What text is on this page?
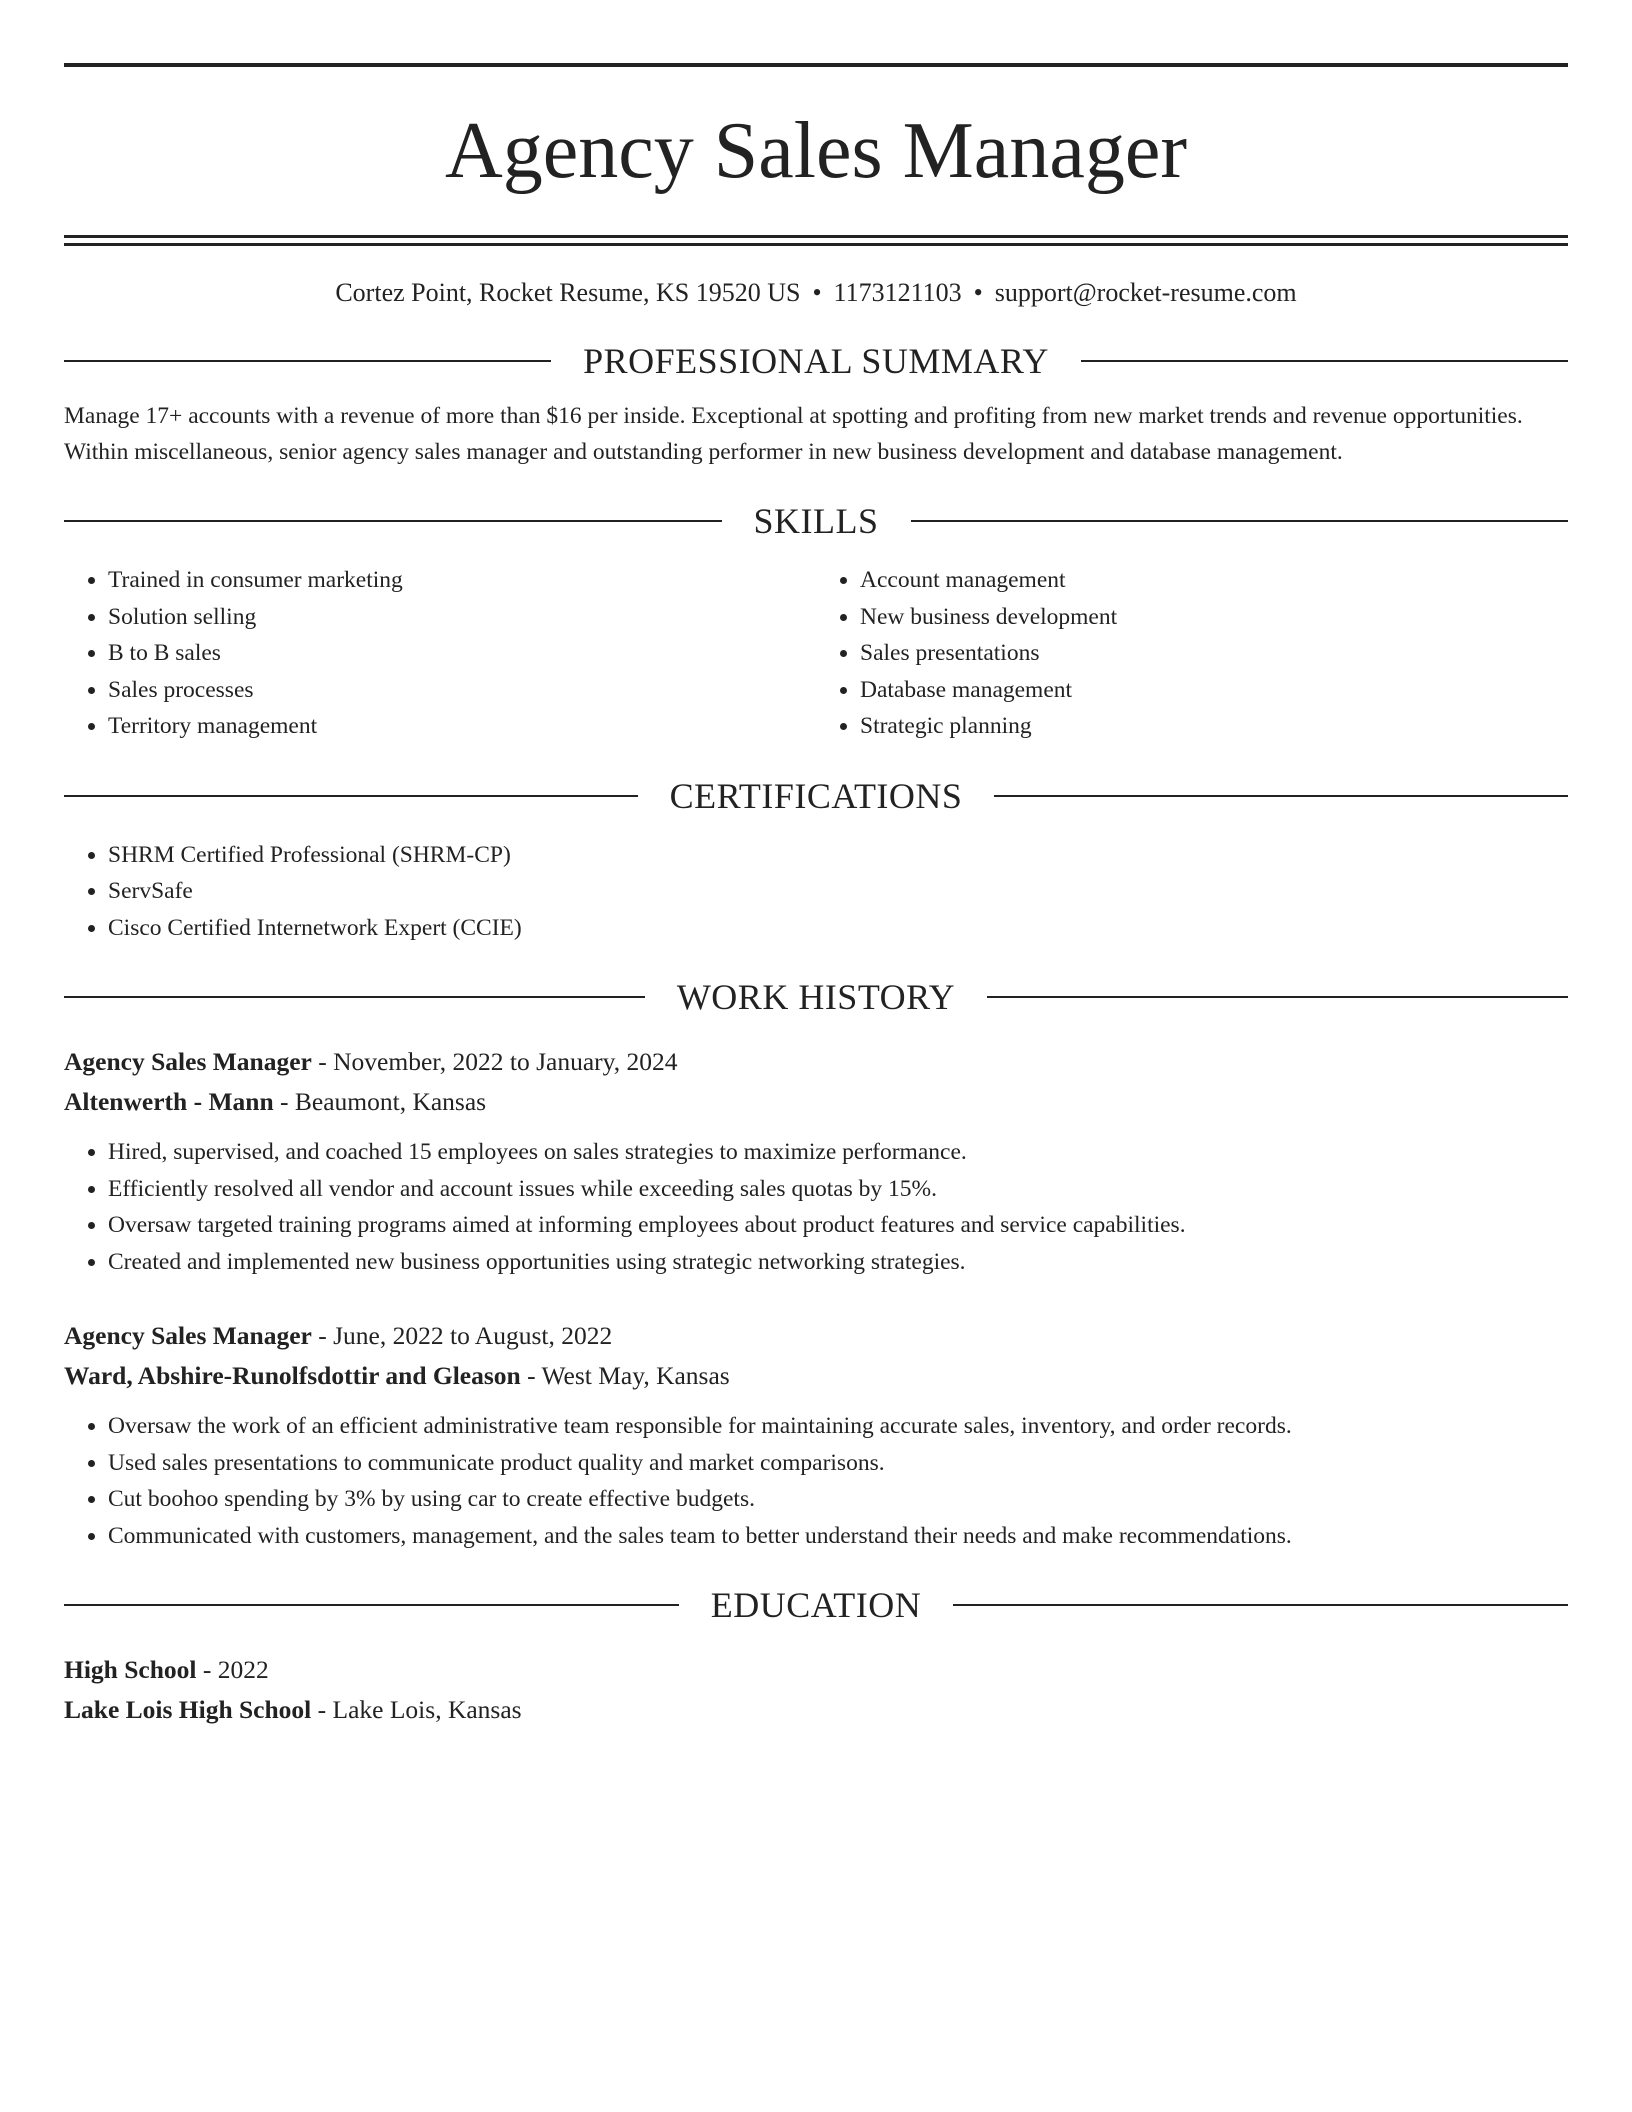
Agency Sales Manager
Cortez Point, Rocket Resume, KS 19520 US • 1173121103 • support@rocket-resume.com
PROFESSIONAL SUMMARY
Manage 17+ accounts with a revenue of more than $16 per inside. Exceptional at spotting and profiting from new market trends and revenue opportunities. Within miscellaneous, senior agency sales manager and outstanding performer in new business development and database management.
SKILLS
• Trained in consumer marketing
• Solution selling
• B to B sales
• Sales processes
• Territory management
• Account management
• New business development
• Sales presentations
• Database management
• Strategic planning
CERTIFICATIONS
• SHRM Certified Professional (SHRM-CP)
• ServSafe
• Cisco Certified Internetwork Expert (CCIE)
WORK HISTORY
Agency Sales Manager - November, 2022 to January, 2024
Altenwerth - Mann - Beaumont, Kansas
• Hired, supervised, and coached 15 employees on sales strategies to maximize performance.
• Efficiently resolved all vendor and account issues while exceeding sales quotas by 15%.
• Oversaw targeted training programs aimed at informing employees about product features and service capabilities.
• Created and implemented new business opportunities using strategic networking strategies.
Agency Sales Manager - June, 2022 to August, 2022
Ward, Abshire-Runolfsdottir and Gleason - West May, Kansas
• Oversaw the work of an efficient administrative team responsible for maintaining accurate sales, inventory, and order records.
• Used sales presentations to communicate product quality and market comparisons.
• Cut boohoo spending by 3% by using car to create effective budgets.
• Communicated with customers, management, and the sales team to better understand their needs and make recommendations.
EDUCATION
High School - 2022
Lake Lois High School - Lake Lois, Kansas
